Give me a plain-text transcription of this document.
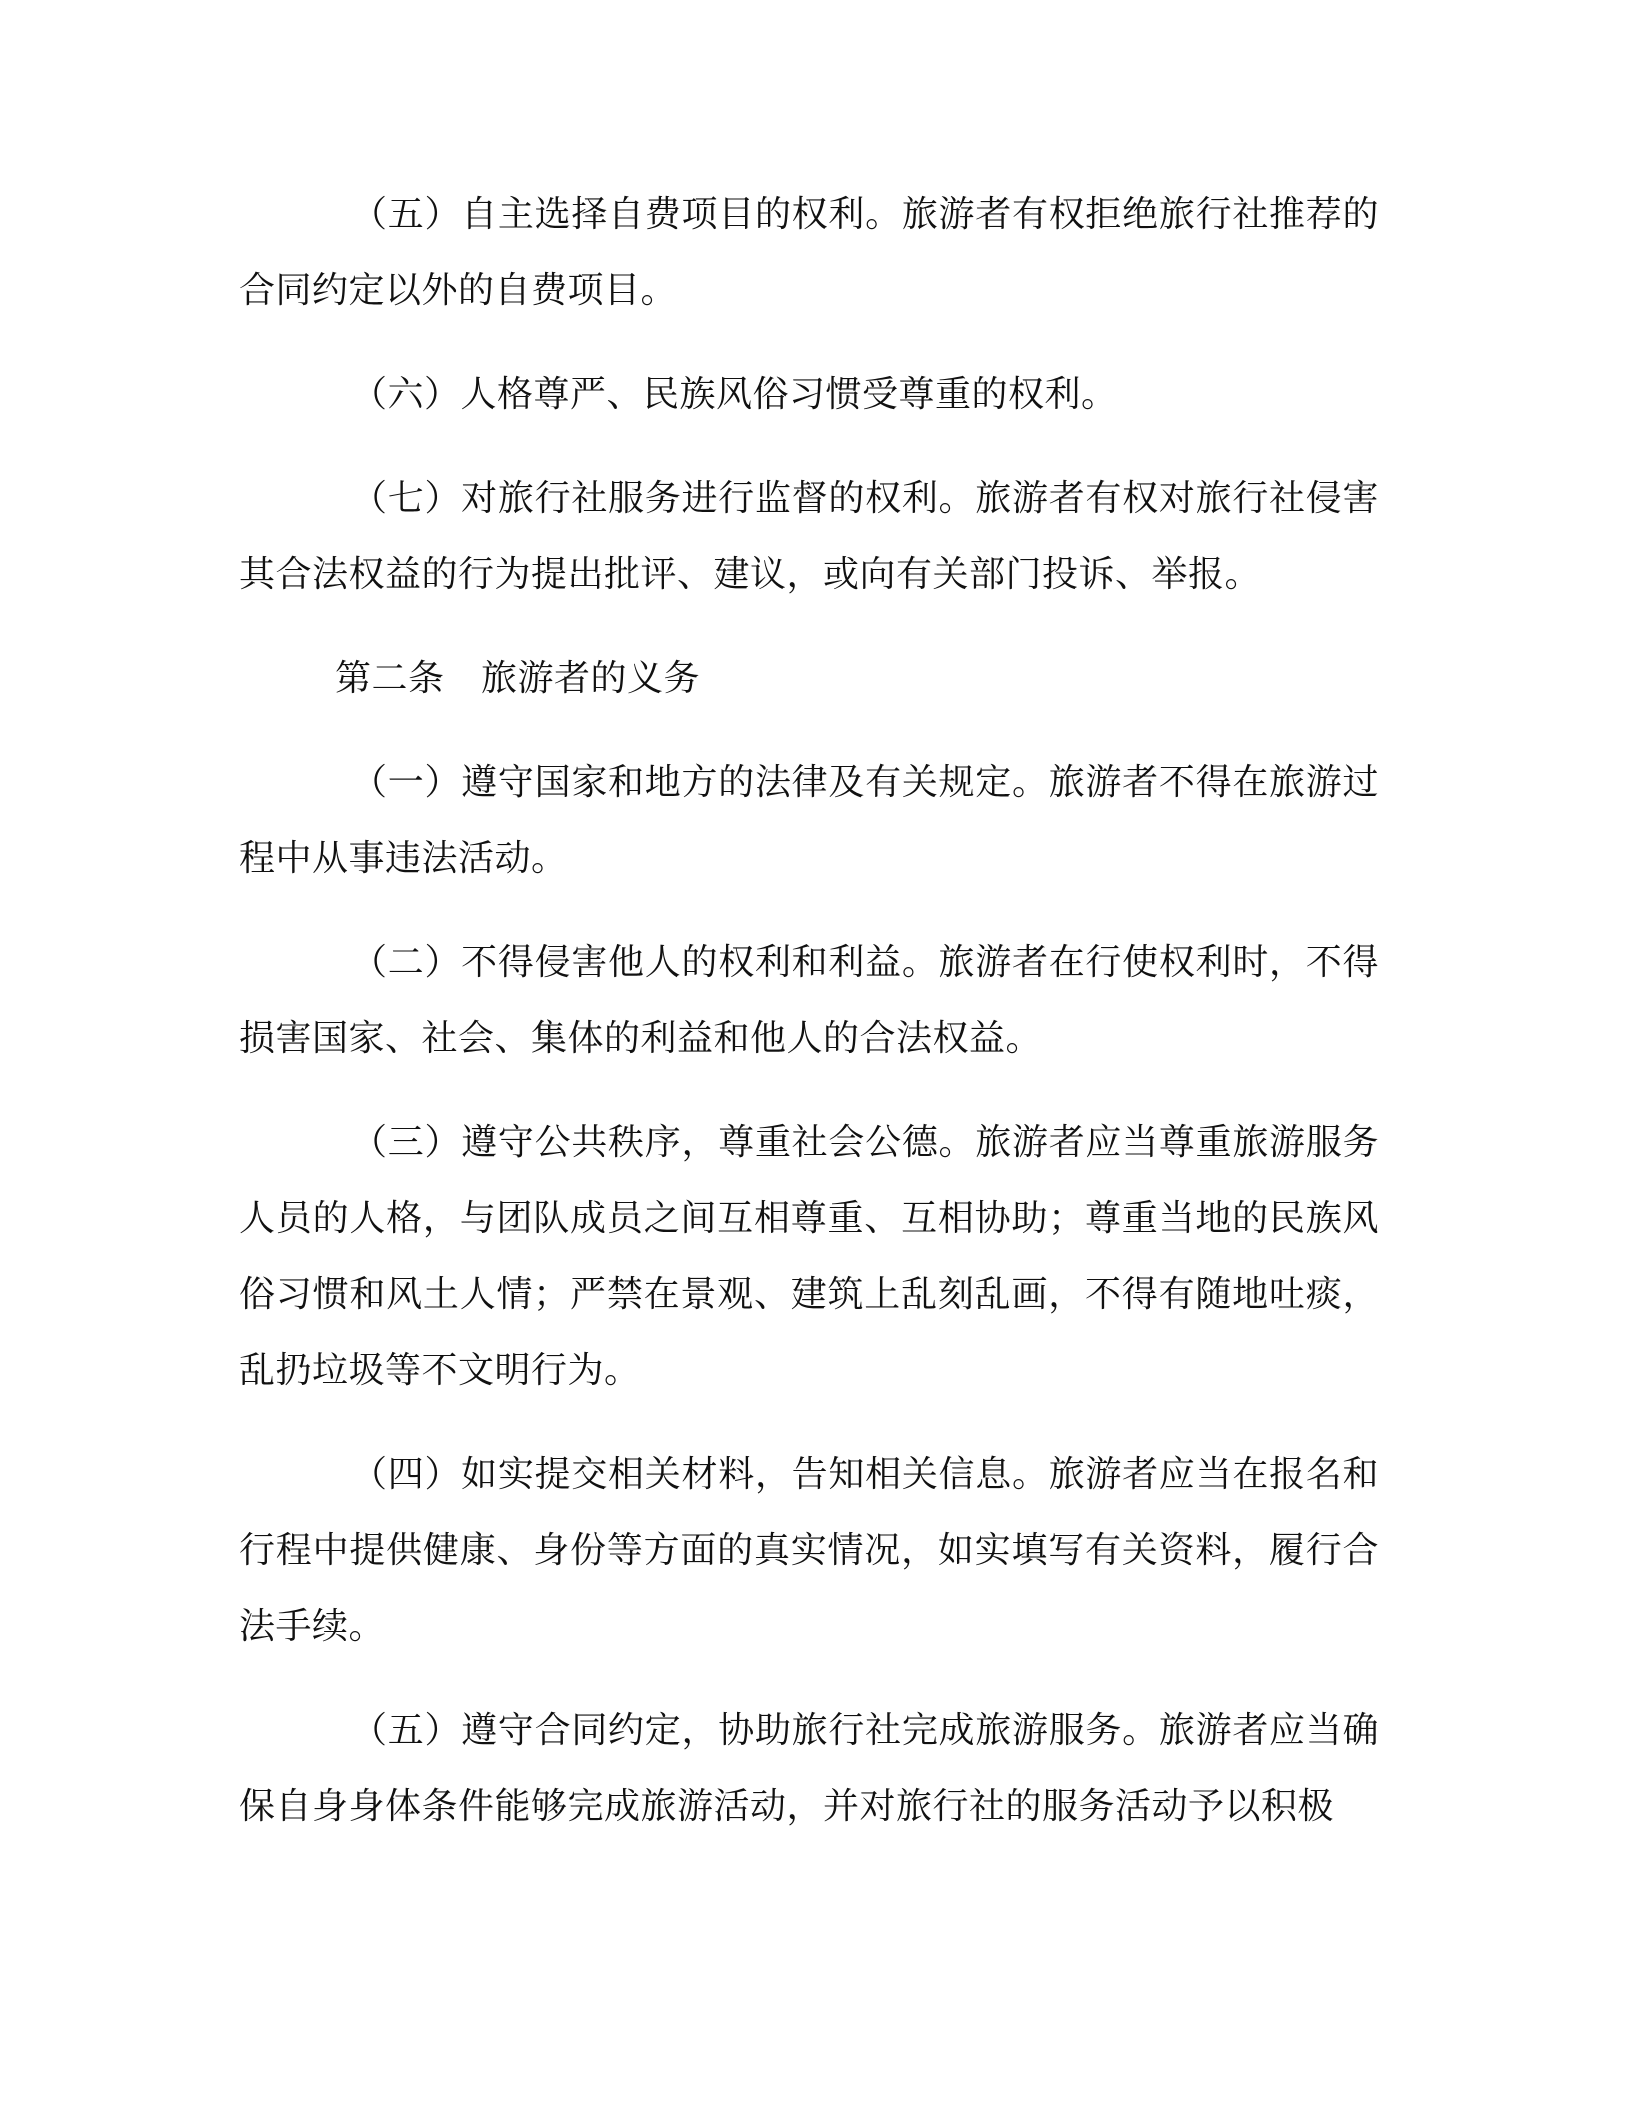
（五）自主选择自费项目的权利。旅游者有权拒绝旅行社推荐的合同约定以外的自费项目。

（六）人格尊严、民族风俗习惯受尊重的权利。

（七）对旅行社服务进行监督的权利。旅游者有权对旅行社侵害其合法权益的行为提出批评、建议，或向有关部门投诉、举报。

第二条　旅游者的义务

（一）遵守国家和地方的法律及有关规定。旅游者不得在旅游过程中从事违法活动。

（二）不得侵害他人的权利和利益。旅游者在行使权利时，不得损害国家、社会、集体的利益和他人的合法权益。

（三）遵守公共秩序，尊重社会公德。旅游者应当尊重旅游服务人员的人格，与团队成员之间互相尊重、互相协助；尊重当地的民族风俗习惯和风土人情；严禁在景观、建筑上乱刻乱画，不得有随地吐痰，乱扔垃圾等不文明行为。

（四）如实提交相关材料，告知相关信息。旅游者应当在报名和行程中提供健康、身份等方面的真实情况，如实填写有关资料，履行合法手续。

（五）遵守合同约定，协助旅行社完成旅游服务。旅游者应当确保自身身体条件能够完成旅游活动，并对旅行社的服务活动予以积极
